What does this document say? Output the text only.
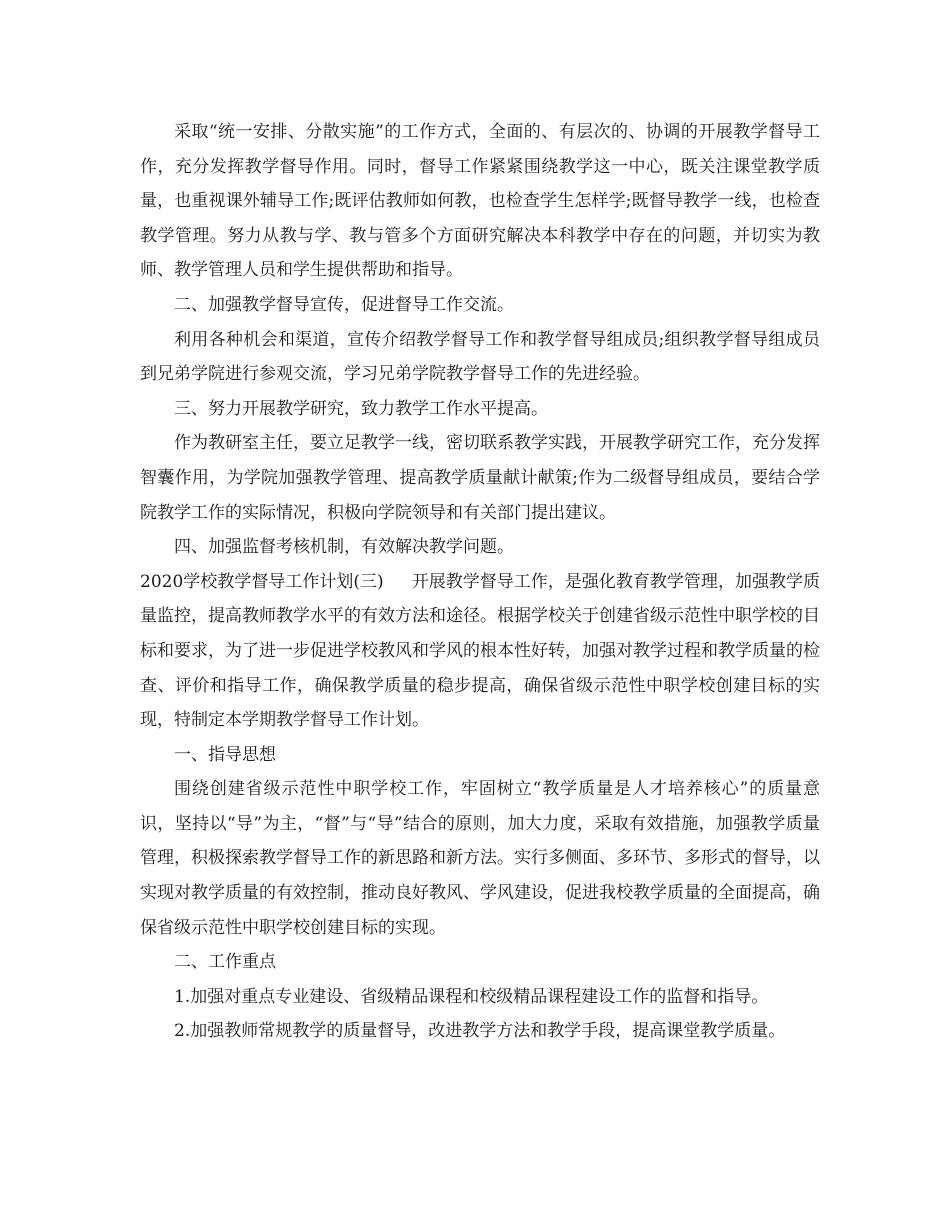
采取“统一安排、分散实施”的工作方式，全面的、有层次的、协调的开展教学督导工作，充分发挥教学督导作用。同时，督导工作紧紧围绕教学这一中心，既关注课堂教学质量，也重视课外辅导工作;既评估教师如何教，也检查学生怎样学;既督导教学一线，也检查教学管理。努力从教与学、教与管多个方面研究解决本科教学中存在的问题，并切实为教师、教学管理人员和学生提供帮助和指导。

二、加强教学督导宣传，促进督导工作交流。

利用各种机会和渠道，宣传介绍教学督导工作和教学督导组成员;组织教学督导组成员到兄弟学院进行参观交流，学习兄弟学院教学督导工作的先进经验。

三、努力开展教学研究，致力教学工作水平提高。

作为教研室主任，要立足教学一线，密切联系教学实践，开展教学研究工作，充分发挥智囊作用，为学院加强教学管理、提高教学质量献计献策;作为二级督导组成员，要结合学院教学工作的实际情况，积极向学院领导和有关部门提出建议。

四、加强监督考核机制，有效解决教学问题。

2020学校教学督导工作计划(三) 开展教学督导工作，是强化教育教学管理，加强教学质量监控，提高教师教学水平的有效方法和途径。根据学校关于创建省级示范性中职学校的目标和要求，为了进一步促进学校教风和学风的根本性好转，加强对教学过程和教学质量的检查、评价和指导工作，确保教学质量的稳步提高，确保省级示范性中职学校创建目标的实现，特制定本学期教学督导工作计划。

一、指导思想

围绕创建省级示范性中职学校工作，牢固树立“教学质量是人才培养核心”的质量意识，坚持以“导”为主，“督”与“导”结合的原则，加大力度，采取有效措施，加强教学质量管理，积极探索教学督导工作的新思路和新方法。实行多侧面、多环节、多形式的督导，以实现对教学质量的有效控制，推动良好教风、学风建设，促进我校教学质量的全面提高，确保省级示范性中职学校创建目标的实现。

二、工作重点

1.加强对重点专业建设、省级精品课程和校级精品课程建设工作的监督和指导。

2.加强教师常规教学的质量督导，改进教学方法和教学手段，提高课堂教学质量。
